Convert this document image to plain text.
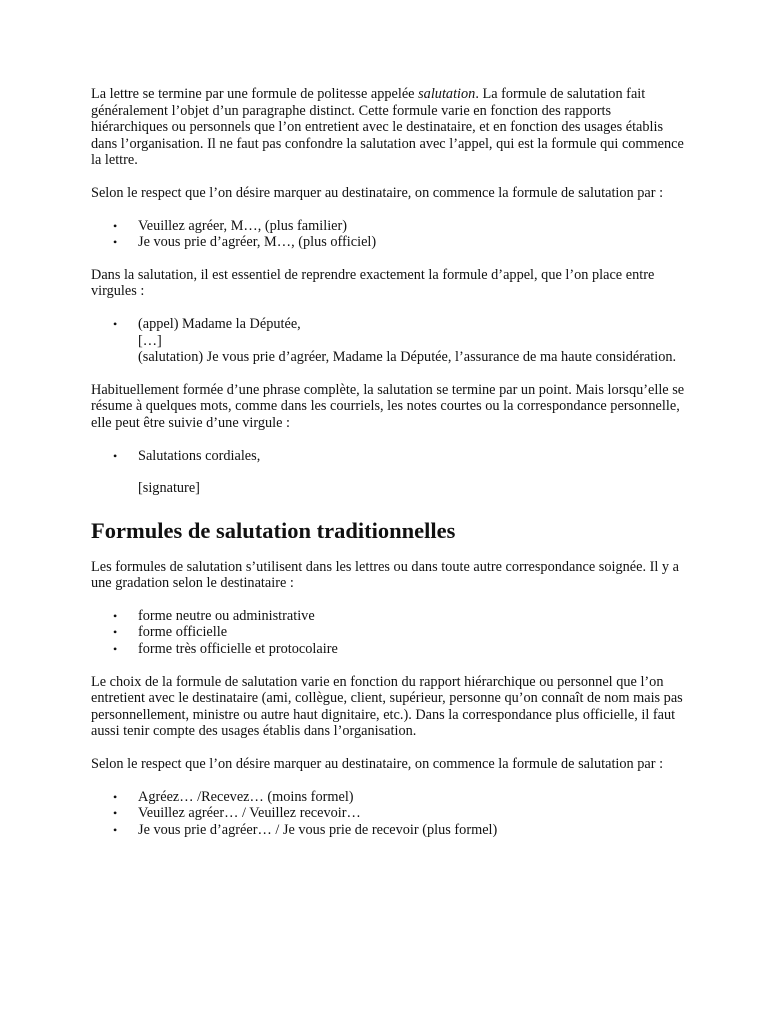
La lettre se termine par une formule de politesse appelée salutation. La formule de salutation fait généralement l’objet d’un paragraphe distinct. Cette formule varie en fonction des rapports hiérarchiques ou personnels que l’on entretient avec le destinataire, et en fonction des usages établis dans l’organisation. Il ne faut pas confondre la salutation avec l’appel, qui est la formule qui commence la lettre.

Selon le respect que l’on désire marquer au destinataire, on commence la formule de salutation par :

• Veuillez agréer, M…, (plus familier)
• Je vous prie d’agréer, M…, (plus officiel)

Dans la salutation, il est essentiel de reprendre exactement la formule d’appel, que l’on place entre virgules :

• (appel) Madame la Députée,
[…]
(salutation) Je vous prie d’agréer, Madame la Députée, l’assurance de ma haute considération.

Habituellement formée d’une phrase complète, la salutation se termine par un point. Mais lorsqu’elle se résume à quelques mots, comme dans les courriels, les notes courtes ou la correspondance personnelle, elle peut être suivie d’une virgule :

• Salutations cordiales,
[signature]
Formules de salutation traditionnelles

Les formules de salutation s’utilisent dans les lettres ou dans toute autre correspondance soignée. Il y a une gradation selon le destinataire :

• forme neutre ou administrative
• forme officielle
• forme très officielle et protocolaire

Le choix de la formule de salutation varie en fonction du rapport hiérarchique ou personnel que l’on entretient avec le destinataire (ami, collègue, client, supérieur, personne qu’on connaît de nom mais pas personnellement, ministre ou autre haut dignitaire, etc.). Dans la correspondance plus officielle, il faut aussi tenir compte des usages établis dans l’organisation.

Selon le respect que l’on désire marquer au destinataire, on commence la formule de salutation par :

• Agréez… /Recevez… (moins formel)
• Veuillez agréer… / Veuillez recevoir…
• Je vous prie d’agréer… / Je vous prie de recevoir (plus formel)
